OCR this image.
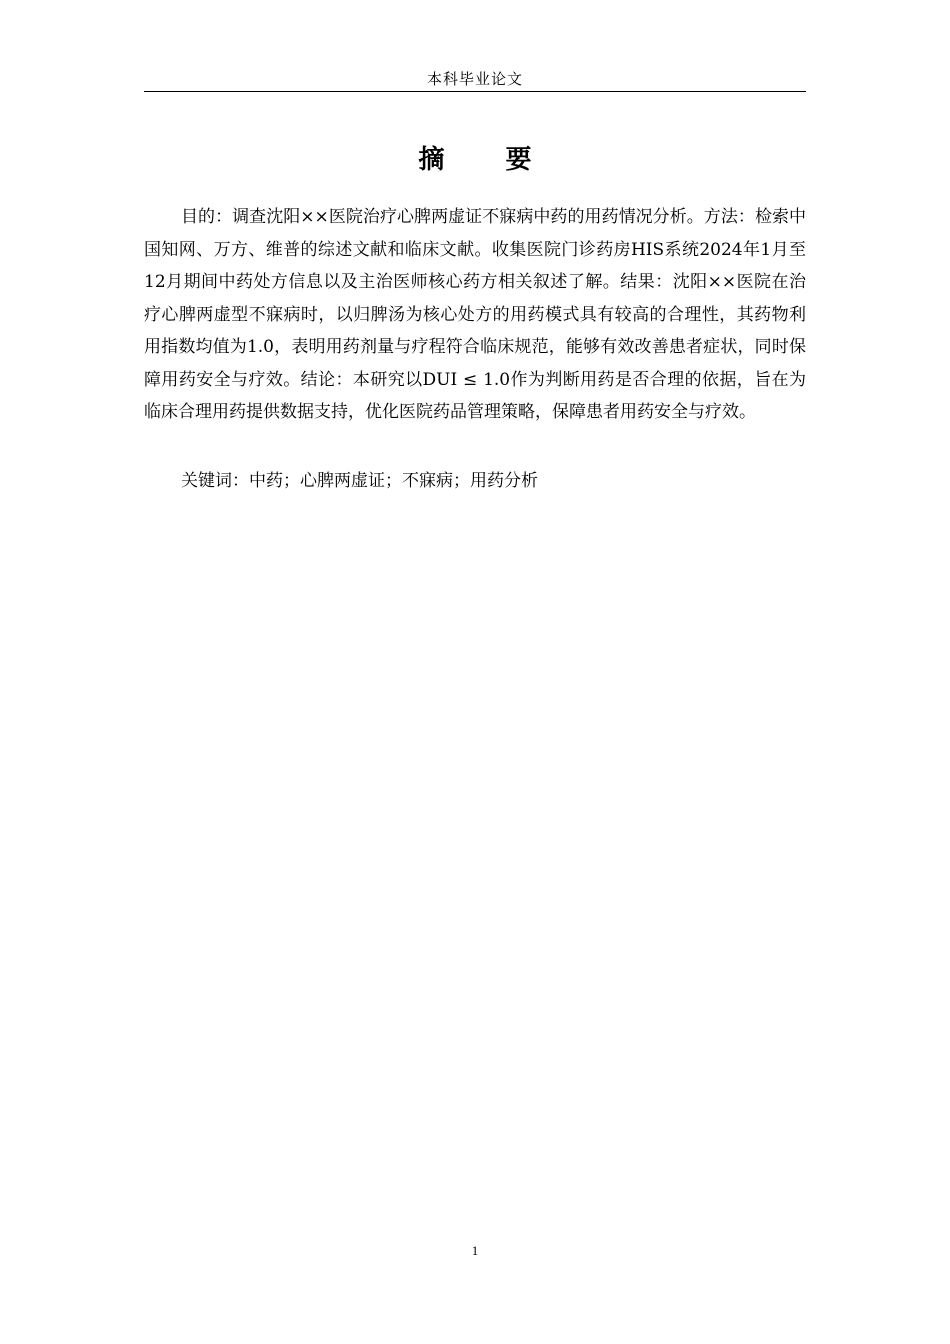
本科毕业论文
摘 要
目的：调查沈阳××医院治疗心脾两虚证不寐病中药的用药情况分析。方法：检索中国知网、万方、维普的综述文献和临床文献。收集医院门诊药房HIS系统2024年1月至12月期间中药处方信息以及主治医师核心药方相关叙述了解。结果：沈阳××医院在治疗心脾两虚型不寐病时，以归脾汤为核心处方的用药模式具有较高的合理性，其药物利用指数均值为1.0，表明用药剂量与疗程符合临床规范，能够有效改善患者症状，同时保障用药安全与疗效。结论：本研究以DUI ≤ 1.0作为判断用药是否合理的依据，旨在为临床合理用药提供数据支持，优化医院药品管理策略，保障患者用药安全与疗效。
关键词：中药；心脾两虚证；不寐病；用药分析
1
